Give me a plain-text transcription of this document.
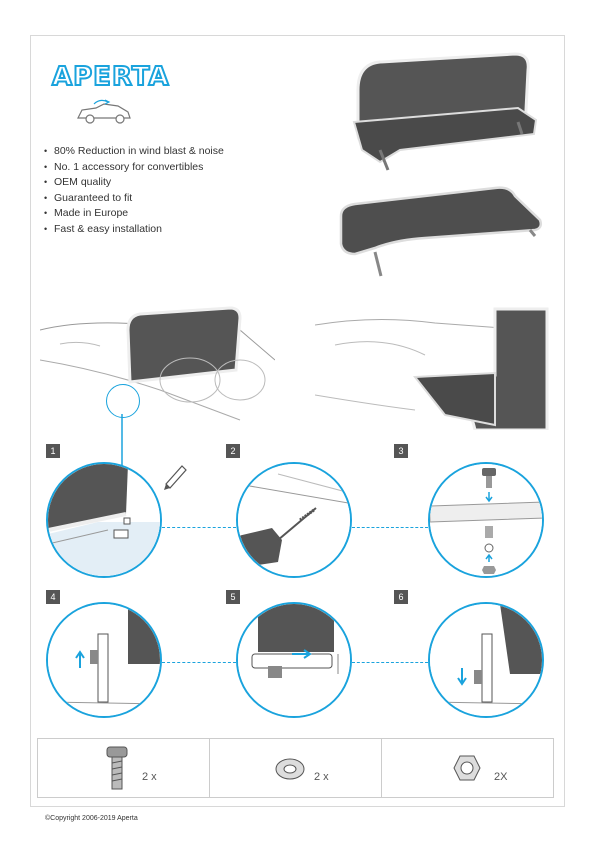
APERTA
• 80% Reduction in wind blast & noise
• No. 1 accessory for convertibles
• OEM quality
• Guaranteed to fit
• Made in Europe
• Fast & easy installation
1	2	3
4	5	6
2 x	2 x	2X
©Copyright 2006-2019 Aperta
